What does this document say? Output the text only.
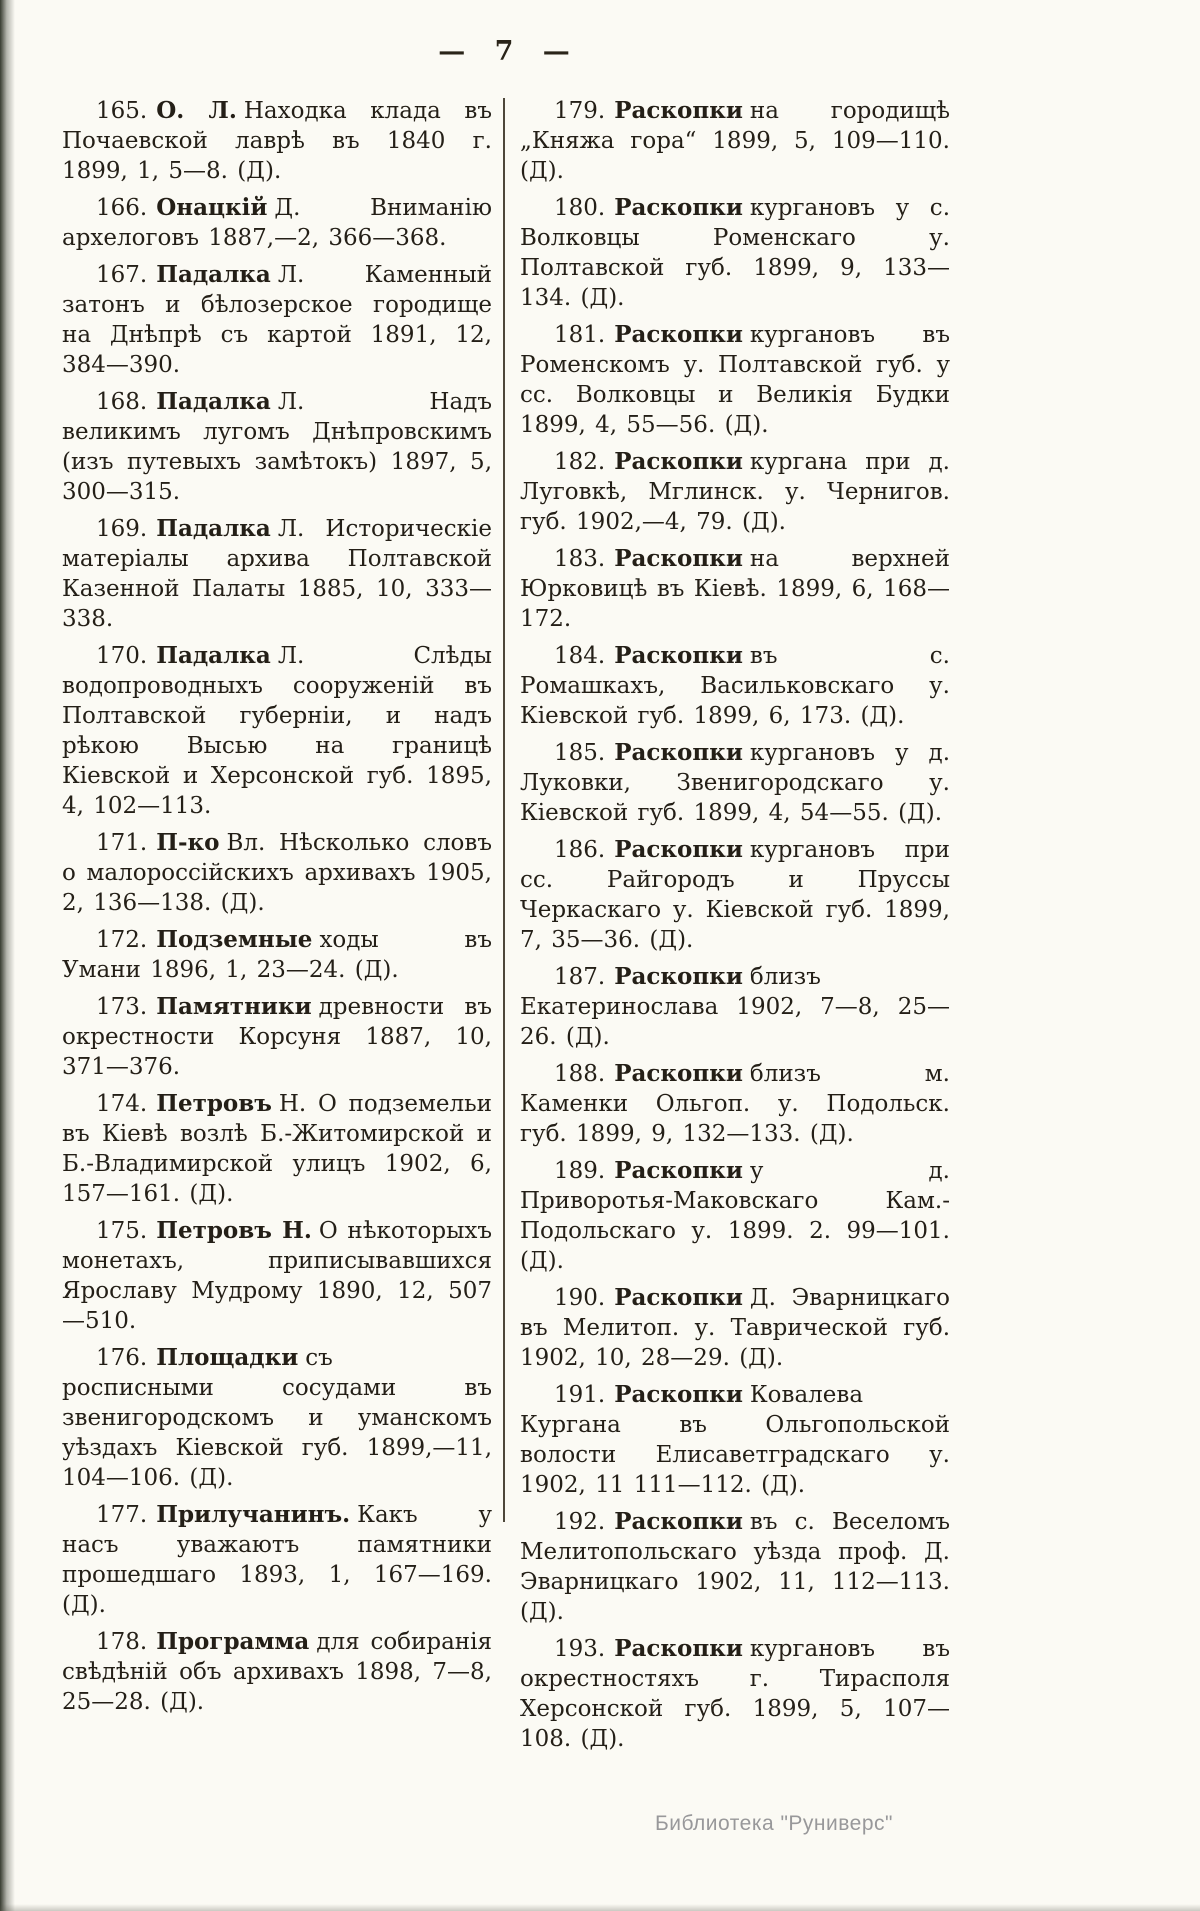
— 7 —

165. О. Л. Находка клада въ Почаевской лаврѣ въ 1840 г. 1899, 1, 5—8. (Д).

166. Онацкій Д. Вниманію архелоговъ 1887,—2, 366—368.

167. Падалка Л. Каменный затонъ и бѣлозерское городище на Днѣпрѣ съ картой 1891, 12, 384—390.

168. Падалка Л. Надъ великимъ лугомъ Днѣпровскимъ (изъ путевыхъ замѣтокъ) 1897, 5, 300—315.

169. Падалка Л. Историческіе матеріалы архива Полтавской Казенной Палаты 1885, 10, 333—338.

170. Падалка Л. Слѣды водопроводныхъ сооруженій въ Полтавской губерніи, и надъ рѣкою Высью на границѣ Кіевской и Херсонской губ. 1895, 4, 102—113.

171. П-ко Вл. Нѣсколько словъ о малороссійскихъ архивахъ 1905, 2, 136—138. (Д).

172. Подземные ходы въ Умани 1896, 1, 23—24. (Д).

173. Памятники древности въ окрестности Корсуня 1887, 10, 371—376.

174. Петровъ Н. О подземельи въ Кіевѣ возлѣ Б.-Житомирской и Б.-Владимирской улицъ 1902, 6, 157—161. (Д).

175. Петровъ Н. О нѣкоторыхъ монетахъ, приписывавшихся Ярославу Мудрому 1890, 12, 507—510.

176. Площадки съ росписными сосудами въ звенигородскомъ и уманскомъ уѣздахъ Кіевской губ. 1899,—11, 104—106. (Д).

177. Прилучанинъ. Какъ у насъ уважаютъ памятники прошедшаго 1893, 1, 167—169. (Д).

178. Программа для собиранія свѣдѣній объ архивахъ 1898, 7—8, 25—28. (Д).

179. Раскопки на городищѣ „Княжа гора“ 1899, 5, 109—110. (Д).

180. Раскопки кургановъ у с. Волковцы Роменскаго у. Полтавской губ. 1899, 9, 133—134. (Д).

181. Раскопки кургановъ въ Роменскомъ у. Полтавской губ. у сс. Волковцы и Великія Будки 1899, 4, 55—56. (Д).

182. Раскопки кургана при д. Луговкѣ, Мглинск. у. Чернигов. губ. 1902,—4, 79. (Д).

183. Раскопки на верхней Юрковицѣ въ Кіевѣ. 1899, 6, 168—172.

184. Раскопки въ с. Ромашкахъ, Васильковскаго у. Кіевской губ. 1899, 6, 173. (Д).

185. Раскопки кургановъ у д. Луковки, Звенигородскаго у. Кіевской губ. 1899, 4, 54—55. (Д).

186. Раскопки кургановъ при сс. Райгородъ и Пруссы Черкаскаго у. Кіевской губ. 1899, 7, 35—36. (Д).

187. Раскопки близъ Екатеринослава 1902, 7—8, 25—26. (Д).

188. Раскопки близъ м. Каменки Ольгоп. у. Подольск. губ. 1899, 9, 132—133. (Д).

189. Раскопки у д. Приворотья-Маковскаго Кам.-Подольскаго у. 1899. 2. 99—101. (Д).

190. Раскопки Д. Эварницкаго въ Мелитоп. у. Таврической губ. 1902, 10, 28—29. (Д).

191. Раскопки Ковалева Кургана въ Ольгопольской волости Елисаветградскаго у. 1902, 11 111—112. (Д).

192. Раскопки въ с. Веселомъ Мелитопольскаго уѣзда проф. Д. Эварницкаго 1902, 11, 112—113. (Д).

193. Раскопки кургановъ въ окрестностяхъ г. Тирасполя Херсонской губ. 1899, 5, 107—108. (Д).

Библиотека "Руниверс"
